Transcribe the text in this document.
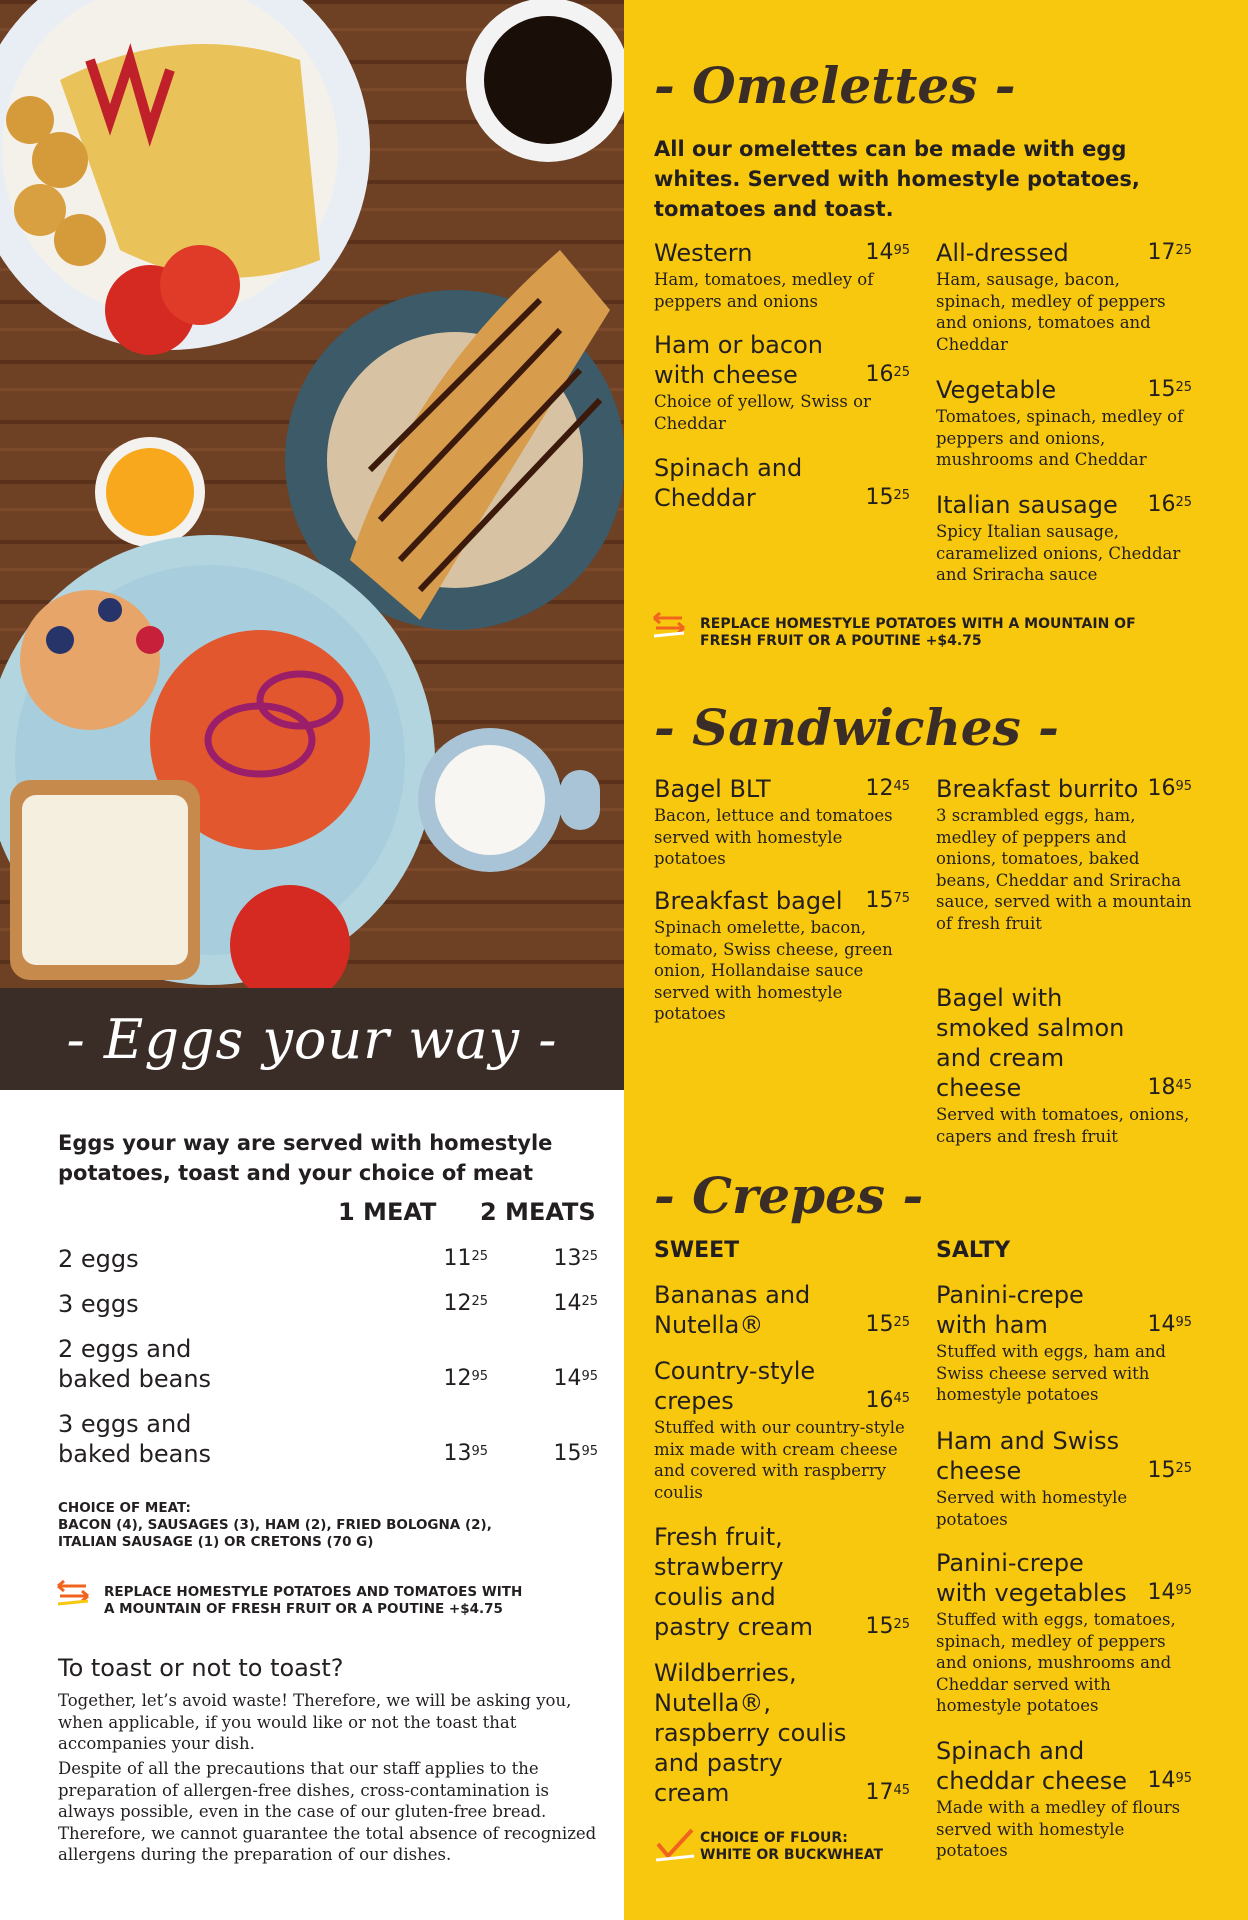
- Eggs your way -

Eggs your way are served with homestyle potatoes, toast and your choice of meat

1 MEAT 2 MEATS
2 eggs	$11^{25}$	$13^{25}$
3 eggs	$12^{25}$	$14^{25}$
2 eggs and
baked beans	$12^{95}$	$14^{95}$
3 eggs and
baked beans	$13^{95}$	$15^{95}$
CHOICE OF MEAT:
BACON (4), SAUSAGES (3), HAM (2), FRIED BOLOGNA (2),
ITALIAN SAUSAGE (1) OR CRETONS (70 G)
REPLACE HOMESTYLE POTATOES AND TOMATOES WITH
A MOUNTAIN OF FRESH FRUIT OR A POUTINE +$4.75
To toast or not to toast?

Together, let’s avoid waste! Therefore, we will be asking you, when applicable, if you would like or not the toast that accompanies your dish.

Despite of all the precautions that our staff applies to the preparation of allergen-free dishes, cross-contamination is always possible, even in the case of our gluten-free bread. Therefore, we cannot guarantee the total absence of recognized allergens during the preparation of our dishes.

- Omelettes -

All our omelettes can be made with egg whites. Served with homestyle potatoes, tomatoes and toast.

Western	$14^{95}$
Ham, tomatoes, medley of peppers and onions
Ham or bacon with cheese	$16^{25}$
Choice of yellow, Swiss or Cheddar
Spinach and Cheddar	$15^{25}$
All-dressed	$17^{25}$
Ham, sausage, bacon, spinach, medley of peppers and onions, tomatoes and Cheddar
Vegetable	$15^{25}$
Tomatoes, spinach, medley of peppers and onions, mushrooms and Cheddar
Italian sausage $16^{25}$
Spicy Italian sausage, caramelized onions, Cheddar and Sriracha sauce
REPLACE HOMESTYLE POTATOES WITH A MOUNTAIN OF
FRESH FRUIT OR A POUTINE +$4.75
- Sandwiches -
Bagel BLT	$12^{45}$
Bacon, lettuce and tomatoes served with homestyle potatoes
Breakfast bagel $15^{75}$
Spinach omelette, bacon, tomato, Swiss cheese, green onion, Hollandaise sauce served with homestyle potatoes
Breakfast burrito $16^{95}$
3 scrambled eggs, ham, medley of peppers and onions, tomatoes, baked beans, Cheddar and Sriracha sauce, served with a mountain of fresh fruit
Bagel with smoked salmon and cream cheese	$18^{45}$
Served with tomatoes, onions, capers and fresh fruit
- Crepes -
SWEET	SALTY
Bananas and Nutella®	$15^{25}$
Country-style crepes	$16^{45}$
Stuffed with our country-style mix made with cream cheese and covered with raspberry coulis
Fresh fruit, strawberry coulis and pastry cream $15^{25}$
Wildberries, Nutella®, raspberry coulis and pastry cream	$17^{45}$
Panini-crepe with ham	$14^{95}$
Stuffed with eggs, ham and Swiss cheese served with homestyle potatoes
Ham and Swiss cheese	$15^{25}$
Served with homestyle potatoes
Panini-crepe with vegetables $14^{95}$
Stuffed with eggs, tomatoes, spinach, medley of peppers and onions, mushrooms and Cheddar served with homestyle potatoes
Spinach and cheddar cheese $14^{95}$
Made with a medley of flours served with homestyle potatoes
CHOICE OF FLOUR:
WHITE OR BUCKWHEAT
